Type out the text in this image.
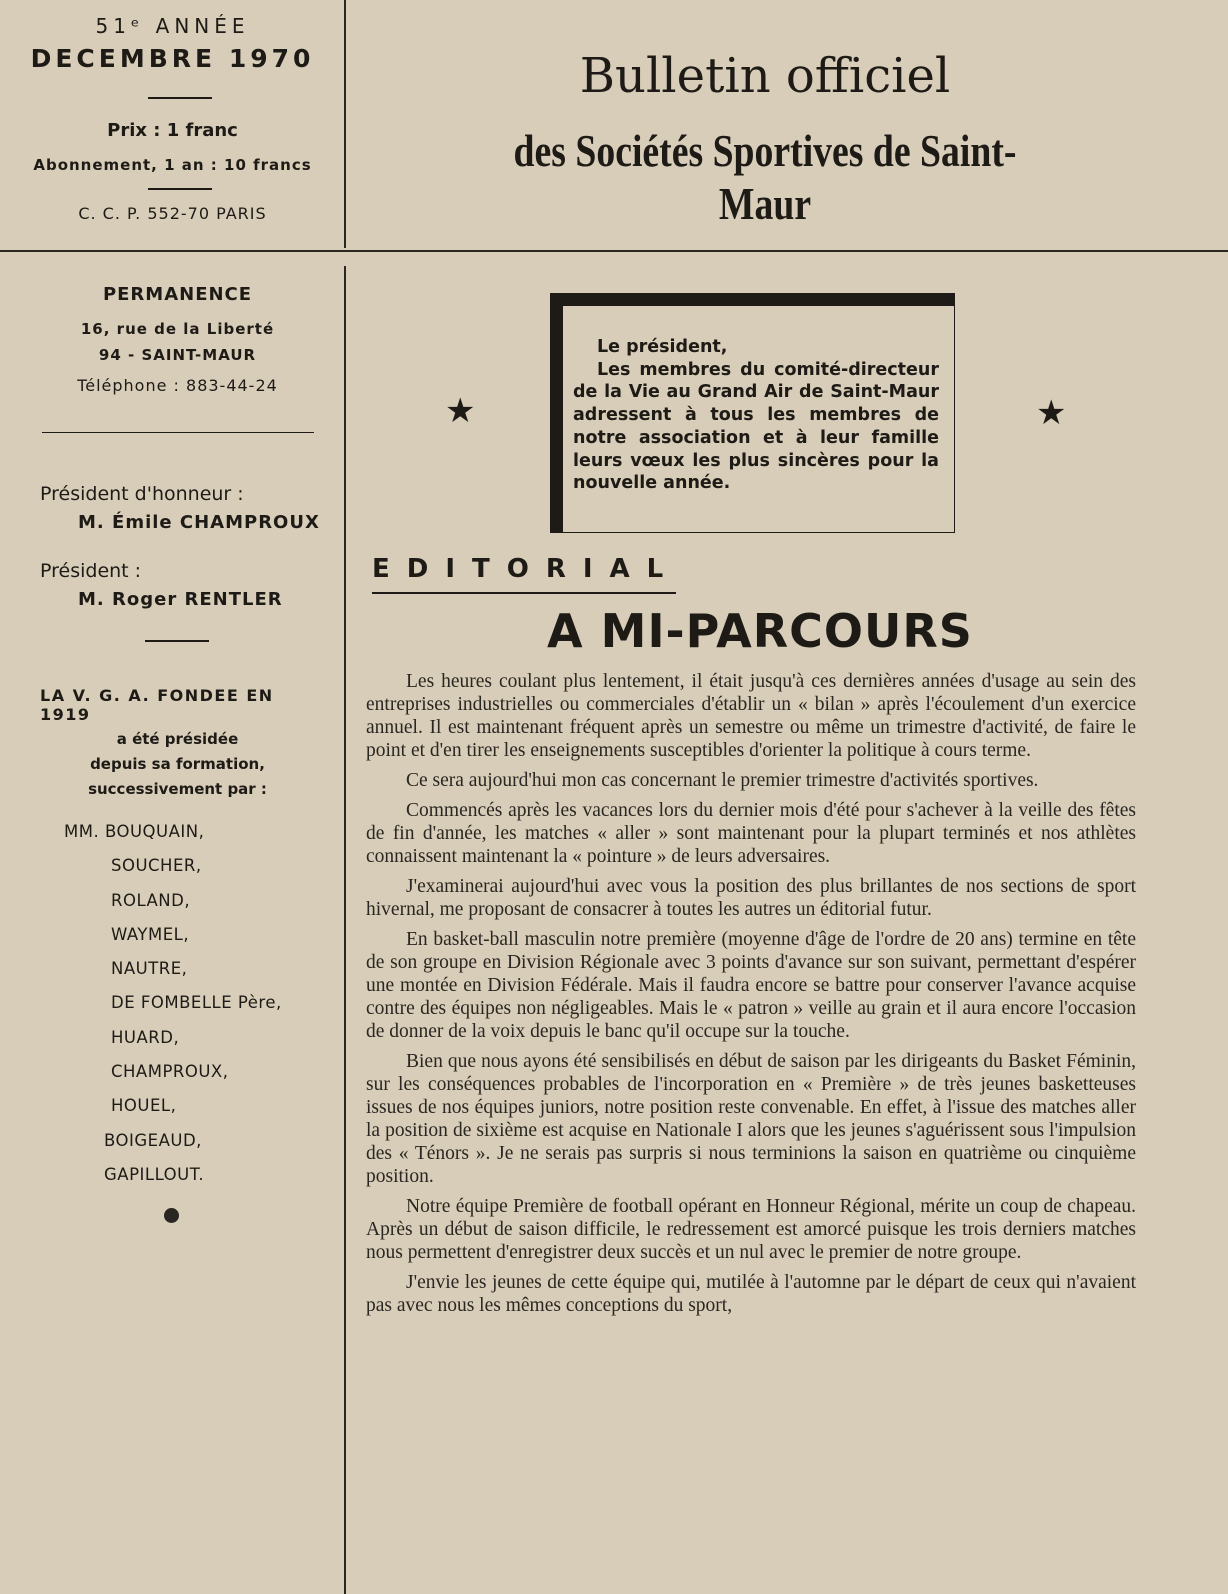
51ᵉ ANNÉE
DECEMBRE 1970
Prix : 1 franc
Abonnement, 1 an : 10 francs
C. C. P. 552-70 PARIS
Bulletin officiel
des Sociétés Sportives de Saint-Maur
PERMANENCE
16, rue de la Liberté
94 - SAINT-MAUR
Téléphone : 883-44-24
Président d'honneur :
M. Émile CHAMPROUX
Président :
M. Roger RENTLER
LA V. G. A. FONDEE EN 1919
a été présidée
depuis sa formation,
successivement par :
MM. BOUQUAIN,
SOUCHER,
ROLAND,
WAYMEL,
NAUTRE,
DE FOMBELLE Père,
HUARD,
CHAMPROUX,
HOUEL,
BOIGEAUD,
GAPILLOUT.
Le président,
Les membres du comité-directeur de la Vie au Grand Air de Saint-Maur adressent à tous les membres de notre association et à leur famille leurs vœux les plus sincères pour la nouvelle année.
★	★
EDITORIAL
A MI-PARCOURS

Les heures coulant plus lentement, il était jusqu'à ces dernières années d'usage au sein des entreprises industrielles ou commerciales d'établir un « bilan » après l'écoulement d'un exercice annuel. Il est maintenant fréquent après un semestre ou même un trimestre d'activité, de faire le point et d'en tirer les enseignements susceptibles d'orienter la politique à cours terme.

Ce sera aujourd'hui mon cas concernant le premier trimestre d'activités sportives.

Commencés après les vacances lors du dernier mois d'été pour s'achever à la veille des fêtes de fin d'année, les matches « aller » sont maintenant pour la plupart terminés et nos athlètes connaissent maintenant la « pointure » de leurs adversaires.

J'examinerai aujourd'hui avec vous la position des plus brillantes de nos sections de sport hivernal, me proposant de consacrer à toutes les autres un éditorial futur.

En basket-ball masculin notre première (moyenne d'âge de l'ordre de 20 ans) termine en tête de son groupe en Division Régionale avec 3 points d'avance sur son suivant, permettant d'espérer une montée en Division Fédérale. Mais il faudra encore se battre pour conserver l'avance acquise contre des équipes non négligeables. Mais le « patron » veille au grain et il aura encore l'occasion de donner de la voix depuis le banc qu'il occupe sur la touche.

Bien que nous ayons été sensibilisés en début de saison par les dirigeants du Basket Féminin, sur les conséquences probables de l'incorporation en « Première » de très jeunes basketteuses issues de nos équipes juniors, notre position reste convenable. En effet, à l'issue des matches aller la position de sixième est acquise en Nationale I alors que les jeunes s'aguérissent sous l'impulsion des « Ténors ». Je ne serais pas surpris si nous terminions la saison en quatrième ou cinquième position.

Notre équipe Première de football opérant en Honneur Régional, mérite un coup de chapeau. Après un début de saison difficile, le redressement est amorcé puisque les trois derniers matches nous permettent d'enregistrer deux succès et un nul avec le premier de notre groupe.

J'envie les jeunes de cette équipe qui, mutilée à l'automne par le départ de ceux qui n'avaient pas avec nous les mêmes conceptions du sport,
